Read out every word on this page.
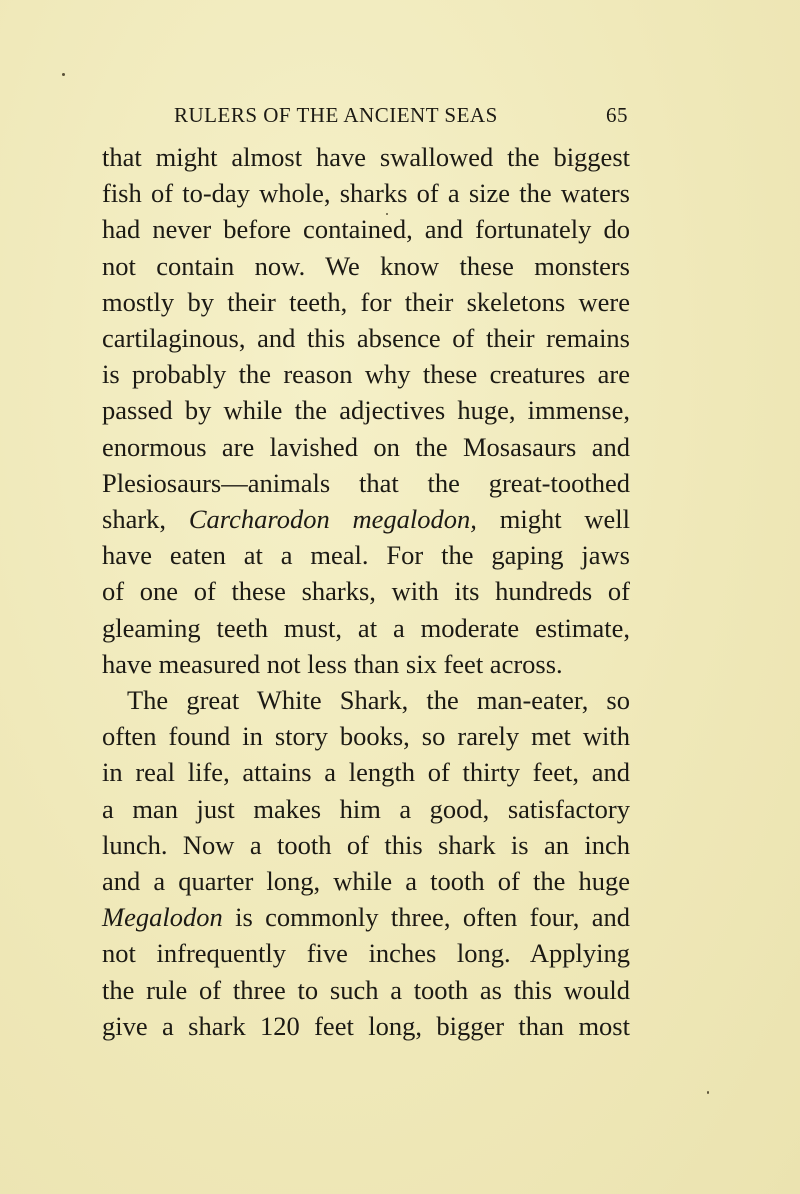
RULERS OF THE ANCIENT SEAS	65
that might almost have swallowed the biggest
fish of to-day whole, sharks of a size the waters
had never before contained, and fortunately do
not contain now. We know these monsters
mostly by their teeth, for their skeletons were
cartilaginous, and this absence of their remains
is probably the reason why these creatures are
passed by while the adjectives huge, immense,
enormous are lavished on the Mosasaurs and
Plesiosaurs—animals that the great-toothed
shark, Carcharodon megalodon, might well
have eaten at a meal. For the gaping jaws
of one of these sharks, with its hundreds of
gleaming teeth must, at a moderate estimate,
have measured not less than six feet across.
The great White Shark, the man-eater, so
often found in story books, so rarely met with
in real life, attains a length of thirty feet, and
a man just makes him a good, satisfactory
lunch. Now a tooth of this shark is an inch
and a quarter long, while a tooth of the huge
Megalodon is commonly three, often four, and
not infrequently five inches long. Applying
the rule of three to such a tooth as this would
give a shark 120 feet long, bigger than most
